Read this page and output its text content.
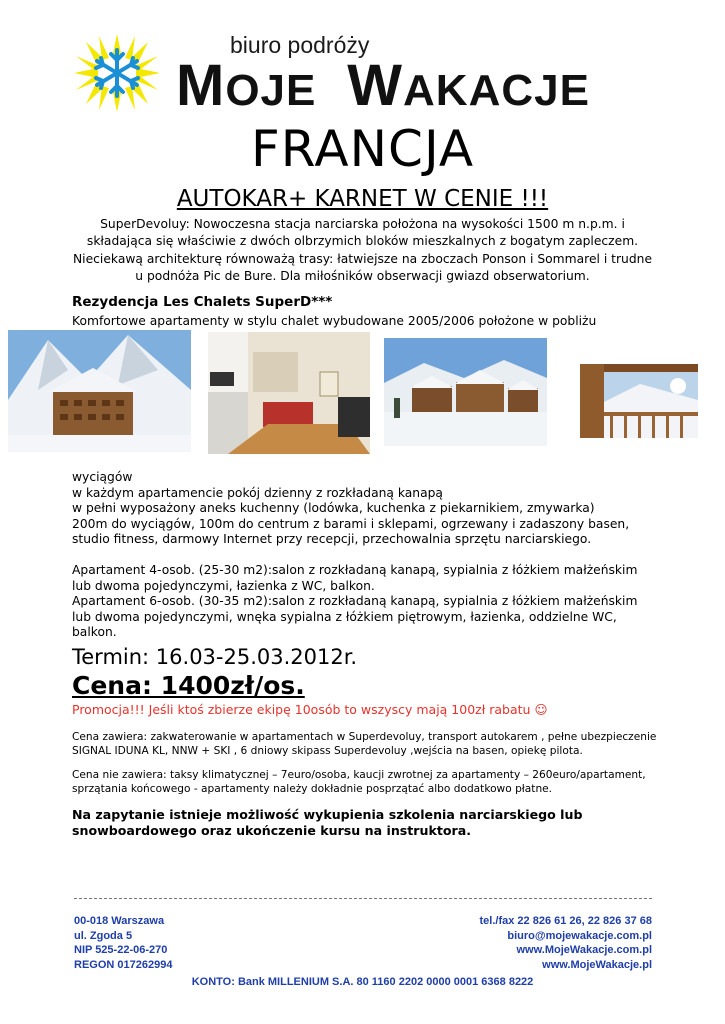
biuro podróży
MOJE WAKACJE
FRANCJA
AUTOKAR+ KARNET W CENIE !!!
SuperDevoluy: Nowoczesna stacja narciarska położona na wysokości 1500 m n.p.m. i
składająca się właściwie z dwóch olbrzymich bloków mieszkalnych z bogatym zapleczem.
Nieciekawą architekturę równoważą trasy: łatwiejsze na zboczach Ponson i Sommarel i trudne
u podnóża Pic de Bure. Dla miłośników obserwacji gwiazd obserwatorium.
Rezydencja Les Chalets SuperD***
Komfortowe apartamenty w stylu chalet wybudowane 2005/2006 położone w pobliżu
wyciągów
w każdym apartamencie pokój dzienny z rozkładaną kanapą
w pełni wyposażony aneks kuchenny (lodówka, kuchenka z piekarnikiem, zmywarka)
200m do wyciągów, 100m do centrum z barami i sklepami, ogrzewany i zadaszony basen,
studio fitness, darmowy Internet przy recepcji, przechowalnia sprzętu narciarskiego.
Apartament 4-osob. (25-30 m2):salon z rozkładaną kanapą, sypialnia z łóżkiem małżeńskim
lub dwoma pojedynczymi, łazienka z WC, balkon.
Apartament 6-osob. (30-35 m2):salon z rozkładaną kanapą, sypialnia z łóżkiem małżeńskim
lub dwoma pojedynczymi, wnęka sypialna z łóżkiem piętrowym, łazienka, oddzielne WC,
balkon.
Termin: 16.03-25.03.2012r.
Cena: 1400zł/os.
Promocja!!! Jeśli ktoś zbierze ekipę 10osób to wszyscy mają 100zł rabatu ☺
Cena zawiera: zakwaterowanie w apartamentach w Superdevoluy, transport autokarem , pełne ubezpieczenie
SIGNAL IDUNA KL, NNW + SKI , 6 dniowy skipass Superdevoluy ,wejścia na basen, opiekę pilota.
Cena nie zawiera: taksy klimatycznej – 7euro/osoba, kaucji zwrotnej za apartamenty – 260euro/apartament,
sprzątania końcowego - apartamenty należy dokładnie posprzątać albo dodatkowo płatne.
Na zapytanie istnieje możliwość wykupienia szkolenia narciarskiego lub
snowboardowego oraz ukończenie kursu na instruktora.
00-018 Warszawa
ul. Zgoda 5
NIP 525-22-06-270
REGON 017262994
tel./fax 22 826 61 26, 22 826 37 68
biuro@mojewakacje.com.pl
www.MojeWakacje.com.pl
www.MojeWakacje.pl
KONTO: Bank MILLENIUM S.A. 80 1160 2202 0000 0001 6368 8222
